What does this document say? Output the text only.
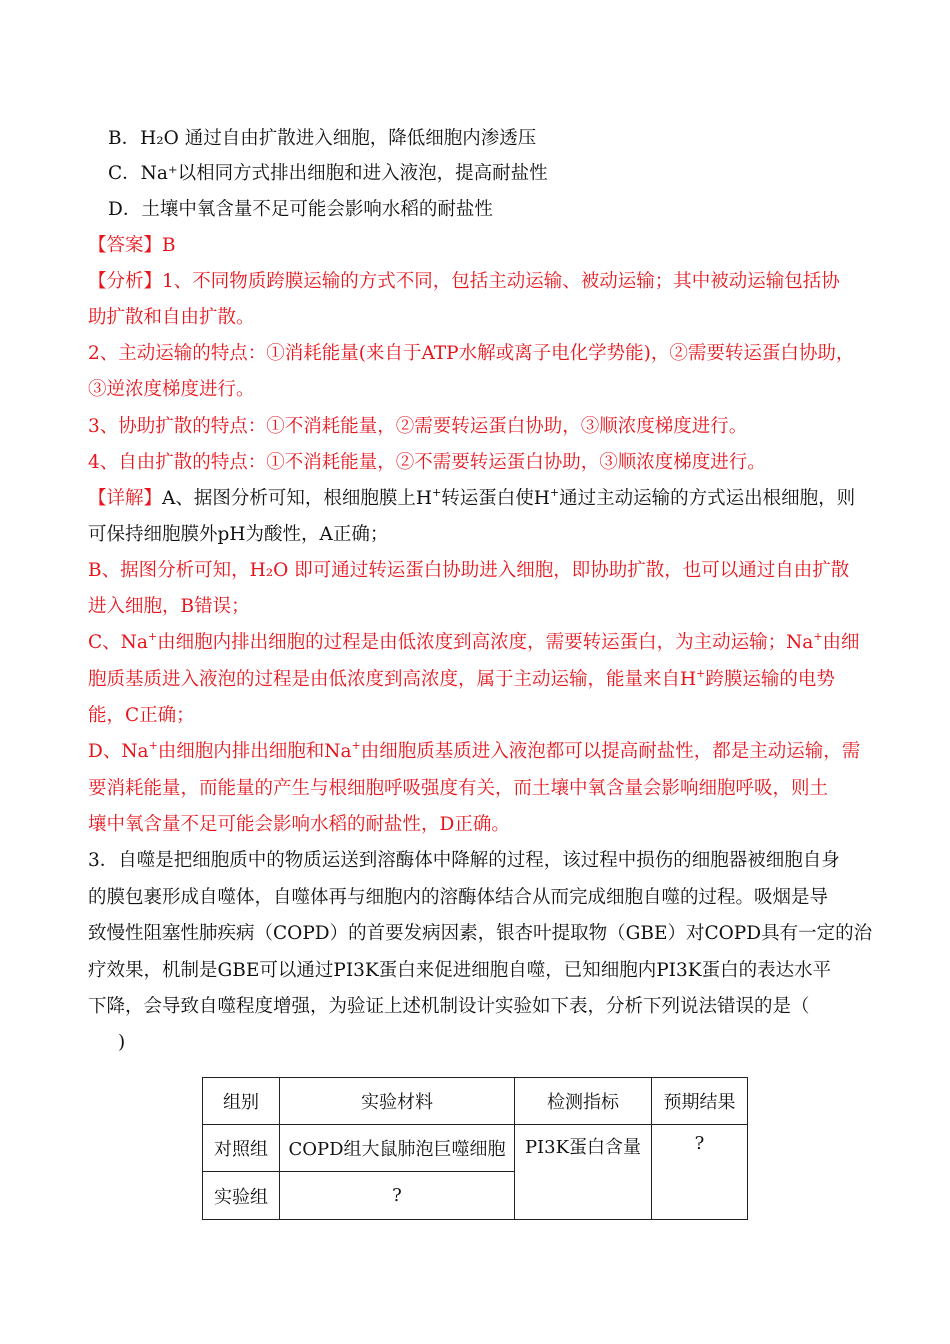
B．H₂O 通过自由扩散进入细胞，降低细胞内渗透压
C．Na⁺以相同方式排出细胞和进入液泡，提高耐盐性
D．土壤中氧含量不足可能会影响水稻的耐盐性
【答案】B
【分析】1、不同物质跨膜运输的方式不同，包括主动运输、被动运输；其中被动运输包括协
助扩散和自由扩散。
2、主动运输的特点：①消耗能量(来自于ATP水解或离子电化学势能)，②需要转运蛋白协助，
③逆浓度梯度进行。
3、协助扩散的特点：①不消耗能量，②需要转运蛋白协助，③顺浓度梯度进行。
4、自由扩散的特点：①不消耗能量，②不需要转运蛋白协助，③顺浓度梯度进行。
【详解】A、据图分析可知，根细胞膜上H+转运蛋白使H+通过主动运输的方式运出根细胞，则
可保持细胞膜外pH为酸性，A正确；
B、据图分析可知，H₂O 即可通过转运蛋白协助进入细胞，即协助扩散，也可以通过自由扩散
进入细胞，B错误；
C、Na+由细胞内排出细胞的过程是由低浓度到高浓度，需要转运蛋白，为主动运输；Na+由细
胞质基质进入液泡的过程是由低浓度到高浓度，属于主动运输，能量来自H+跨膜运输的电势
能，C正确；
D、Na+由细胞内排出细胞和Na+由细胞质基质进入液泡都可以提高耐盐性，都是主动运输，需
要消耗能量，而能量的产生与根细胞呼吸强度有关，而土壤中氧含量会影响细胞呼吸，则土
壤中氧含量不足可能会影响水稻的耐盐性，D正确。
3．自噬是把细胞质中的物质运送到溶酶体中降解的过程，该过程中损伤的细胞器被细胞自身
的膜包裹形成自噬体，自噬体再与细胞内的溶酶体结合从而完成细胞自噬的过程。吸烟是导
致慢性阻塞性肺疾病（COPD）的首要发病因素，银杏叶提取物（GBE）对COPD具有一定的治
疗效果，机制是GBE可以通过PI3K蛋白来促进细胞自噬，已知细胞内PI3K蛋白的表达水平
下降，会导致自噬程度增强，为验证上述机制设计实验如下表，分析下列说法错误的是（
)
组别	实验材料	检测指标	预期结果
对照组	COPD组大鼠肺泡巨噬细胞	PI3K蛋白含量	?
实验组	?		
